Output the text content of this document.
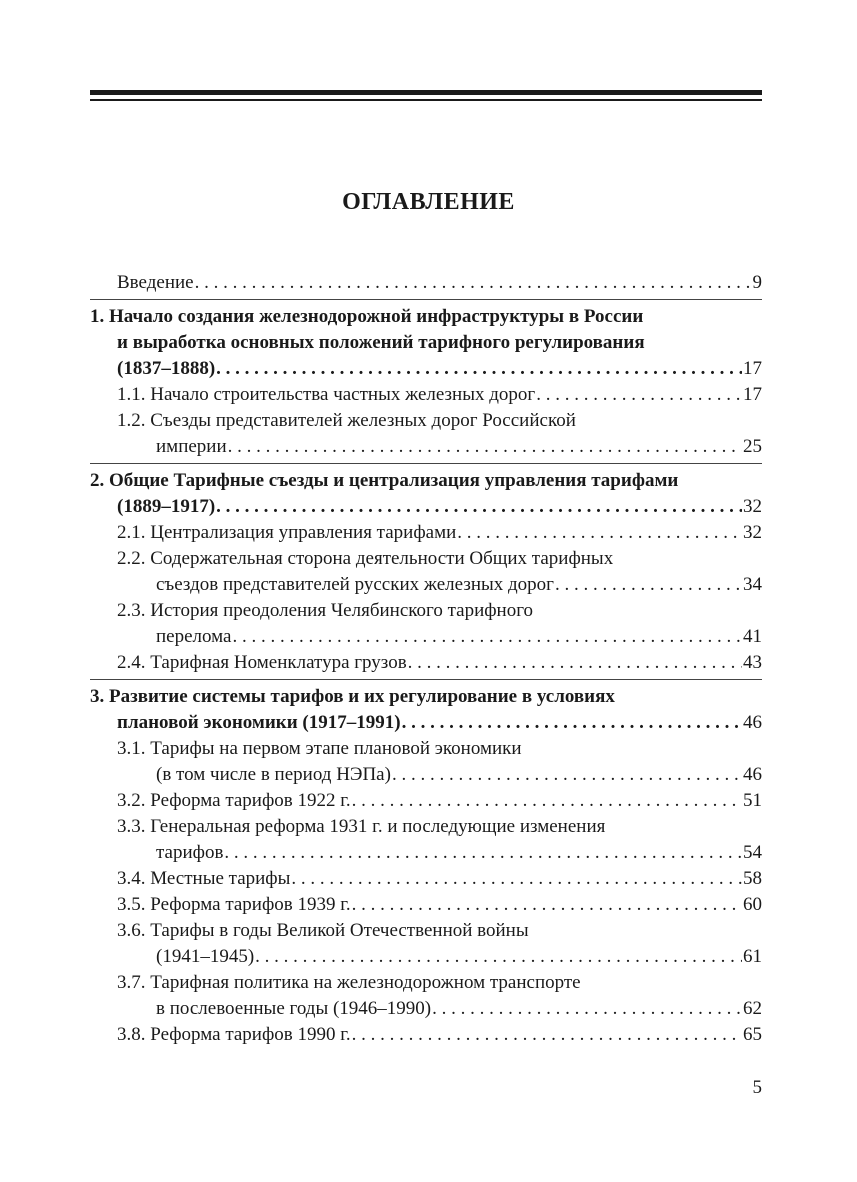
ОГЛАВЛЕНИЕ
Введение . . .	9
1. Начало создания железнодорожной инфраструктуры в России
и выработка основных положений тарифного регулирования
(1837–1888) . . .	17
1.1. Начало строительства частных железных дорог . . .	17
1.2. Съезды представителей железных дорог Российской
империи . . .	25
2. Общие Тарифные съезды и централизация управления тарифами
(1889–1917) . . .	32
2.1. Централизация управления тарифами . . .	32
2.2. Содержательная сторона деятельности Общих тарифных
съездов представителей русских железных дорог . . .	34
2.3. История преодоления Челябинского тарифного
перелома . . .	41
2.4. Тарифная Номенклатура грузов . . .	43
3. Развитие системы тарифов и их регулирование в условиях
плановой экономики (1917–1991) . . .	46
3.1. Тарифы на первом этапе плановой экономики
(в том числе в период НЭПа) . . .	46
3.2. Реформа тарифов 1922 г. . . .	51
3.3. Генеральная реформа 1931 г. и последующие изменения
тарифов . . .	54
3.4. Местные тарифы . . .	58
3.5. Реформа тарифов 1939 г. . . .	60
3.6. Тарифы в годы Великой Отечественной войны
(1941–1945) . . .	61
3.7. Тарифная политика на железнодорожном транспорте
в послевоенные годы (1946–1990) . . .	62
3.8. Реформа тарифов 1990 г. . . .	65
5
